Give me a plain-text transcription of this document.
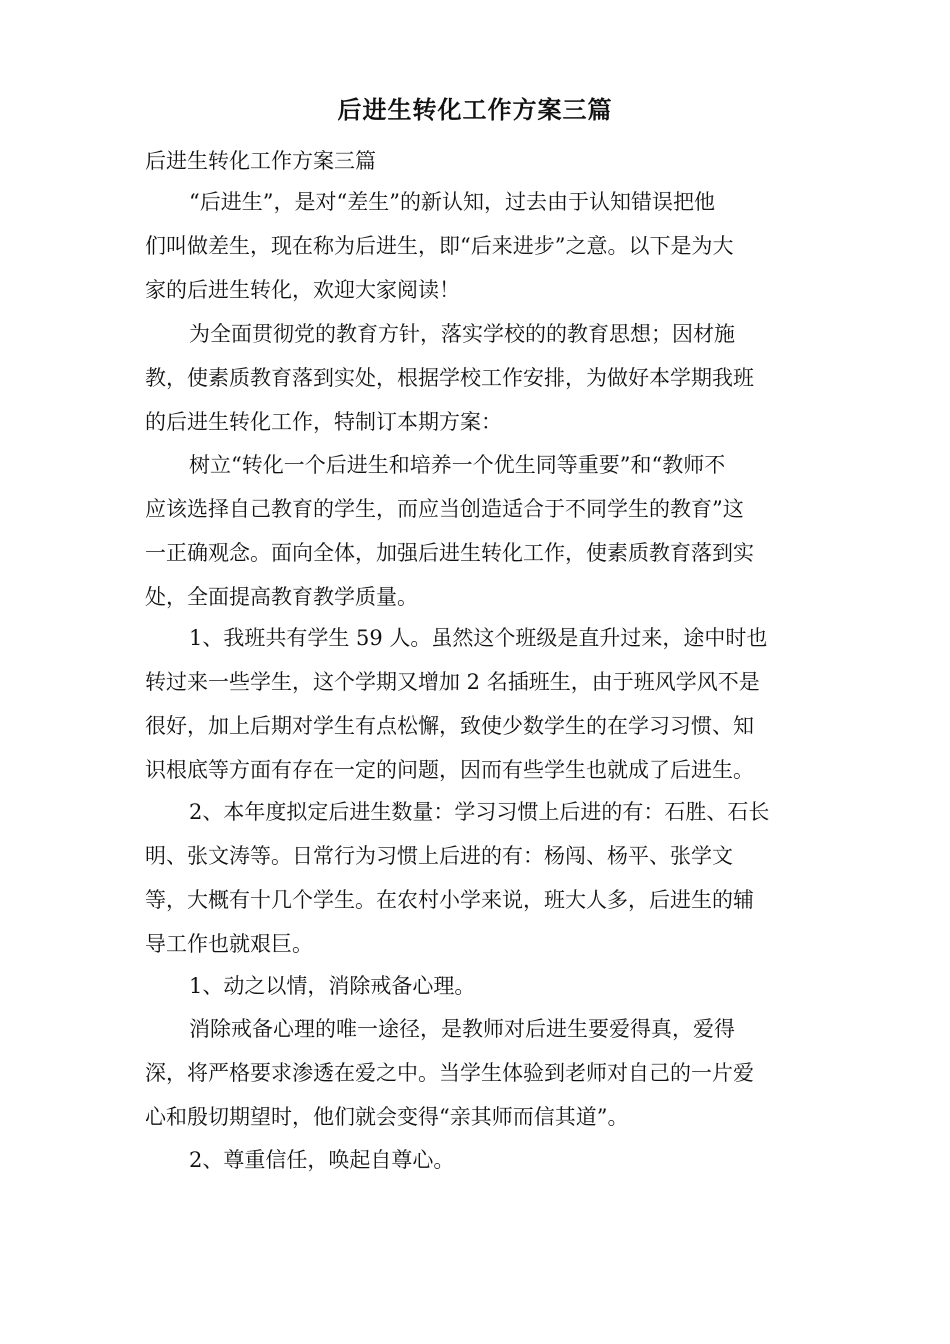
后进生转化工作方案三篇
后进生转化工作方案三篇
“后进生”，是对“差生”的新认知，过去由于认知错误把他
们叫做差生，现在称为后进生，即“后来进步”之意。以下是为大
家的后进生转化，欢迎大家阅读！
为全面贯彻党的教育方针，落实学校的的教育思想；因材施
教，使素质教育落到实处，根据学校工作安排，为做好本学期我班
的后进生转化工作，特制订本期方案：
树立“转化一个后进生和培养一个优生同等重要”和“教师不
应该选择自己教育的学生，而应当创造适合于不同学生的教育”这
一正确观念。面向全体，加强后进生转化工作，使素质教育落到实
处，全面提高教育教学质量。
1、我班共有学生 59 人。虽然这个班级是直升过来，途中时也
转过来一些学生，这个学期又增加 2 名插班生，由于班风学风不是
很好，加上后期对学生有点松懈，致使少数学生的在学习习惯、知
识根底等方面有存在一定的问题，因而有些学生也就成了后进生。
2、本年度拟定后进生数量：学习习惯上后进的有：石胜、石长
明、张文涛等。日常行为习惯上后进的有：杨闯、杨平、张学文
等，大概有十几个学生。在农村小学来说，班大人多，后进生的辅
导工作也就艰巨。
1、动之以情，消除戒备心理。
消除戒备心理的唯一途径，是教师对后进生要爱得真，爱得
深，将严格要求渗透在爱之中。当学生体验到老师对自己的一片爱
心和殷切期望时，他们就会变得“亲其师而信其道”。
2、尊重信任，唤起自尊心。
